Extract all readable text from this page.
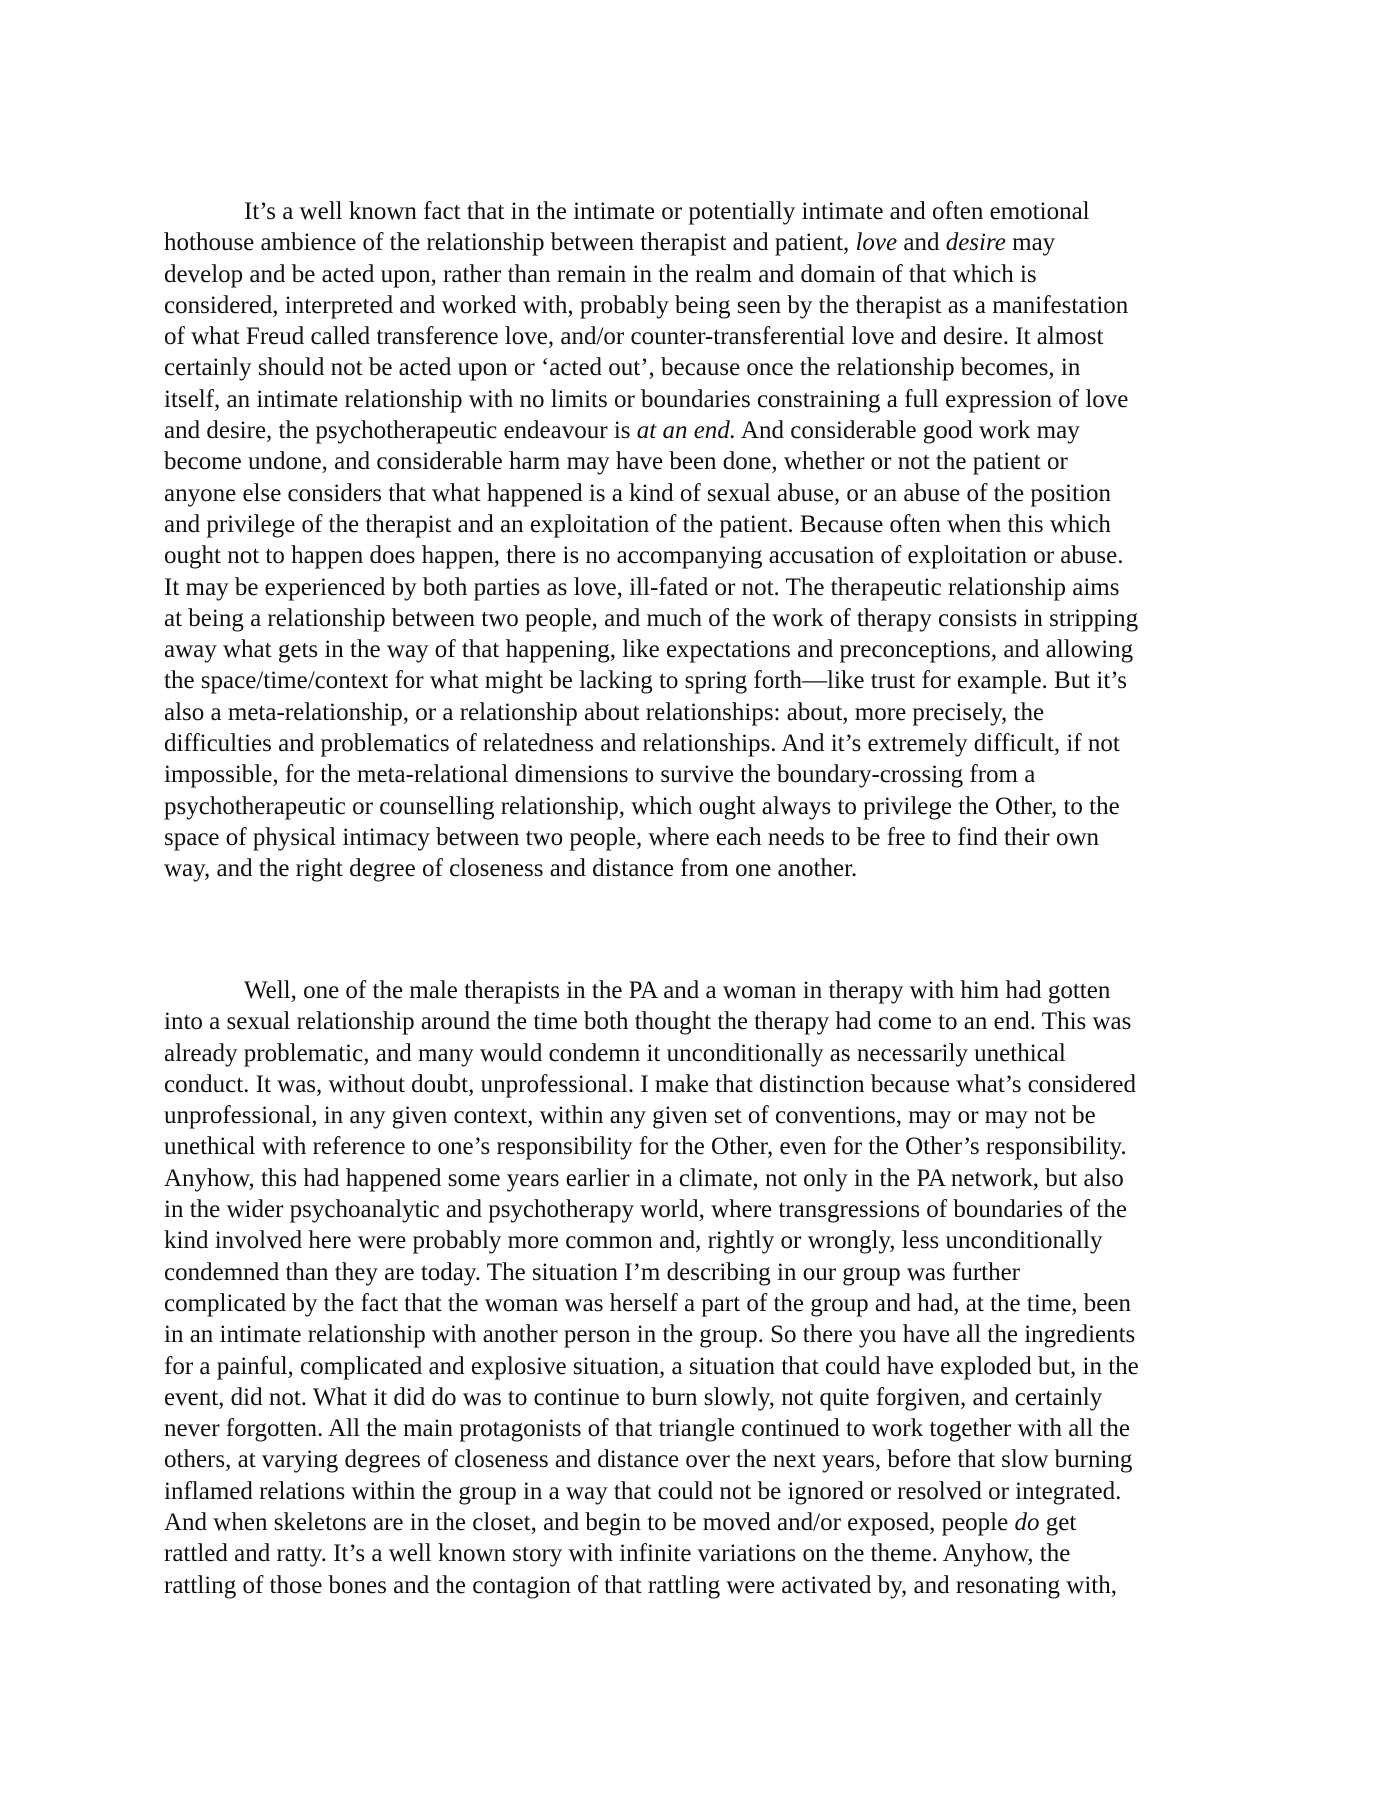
It’s a well known fact that in the intimate or potentially intimate and often emotional
hothouse ambience of the relationship between therapist and patient, love and desire may
develop and be acted upon, rather than remain in the realm and domain of that which is
considered, interpreted and worked with, probably being seen by the therapist as a manifestation
of what Freud called transference love, and/or counter-transferential love and desire. It almost
certainly should not be acted upon or ‘acted out’, because once the relationship becomes, in
itself, an intimate relationship with no limits or boundaries constraining a full expression of love
and desire, the psychotherapeutic endeavour is at an end. And considerable good work may
become undone, and considerable harm may have been done, whether or not the patient or
anyone else considers that what happened is a kind of sexual abuse, or an abuse of the position
and privilege of the therapist and an exploitation of the patient. Because often when this which
ought not to happen does happen, there is no accompanying accusation of exploitation or abuse.
It may be experienced by both parties as love, ill-fated or not. The therapeutic relationship aims
at being a relationship between two people, and much of the work of therapy consists in stripping
away what gets in the way of that happening, like expectations and preconceptions, and allowing
the space/time/context for what might be lacking to spring forth—like trust for example. But it’s
also a meta-relationship, or a relationship about relationships: about, more precisely, the
difficulties and problematics of relatedness and relationships. And it’s extremely difficult, if not
impossible, for the meta-relational dimensions to survive the boundary-crossing from a
psychotherapeutic or counselling relationship, which ought always to privilege the Other, to the
space of physical intimacy between two people, where each needs to be free to find their own
way, and the right degree of closeness and distance from one another.
Well, one of the male therapists in the PA and a woman in therapy with him had gotten
into a sexual relationship around the time both thought the therapy had come to an end. This was
already problematic, and many would condemn it unconditionally as necessarily unethical
conduct. It was, without doubt, unprofessional. I make that distinction because what’s considered
unprofessional, in any given context, within any given set of conventions, may or may not be
unethical with reference to one’s responsibility for the Other, even for the Other’s responsibility.
Anyhow, this had happened some years earlier in a climate, not only in the PA network, but also
in the wider psychoanalytic and psychotherapy world, where transgressions of boundaries of the
kind involved here were probably more common and, rightly or wrongly, less unconditionally
condemned than they are today. The situation I’m describing in our group was further
complicated by the fact that the woman was herself a part of the group and had, at the time, been
in an intimate relationship with another person in the group. So there you have all the ingredients
for a painful, complicated and explosive situation, a situation that could have exploded but, in the
event, did not. What it did do was to continue to burn slowly, not quite forgiven, and certainly
never forgotten. All the main protagonists of that triangle continued to work together with all the
others, at varying degrees of closeness and distance over the next years, before that slow burning
inflamed relations within the group in a way that could not be ignored or resolved or integrated.
And when skeletons are in the closet, and begin to be moved and/or exposed, people do get
rattled and ratty. It’s a well known story with infinite variations on the theme. Anyhow, the
rattling of those bones and the contagion of that rattling were activated by, and resonating with,
